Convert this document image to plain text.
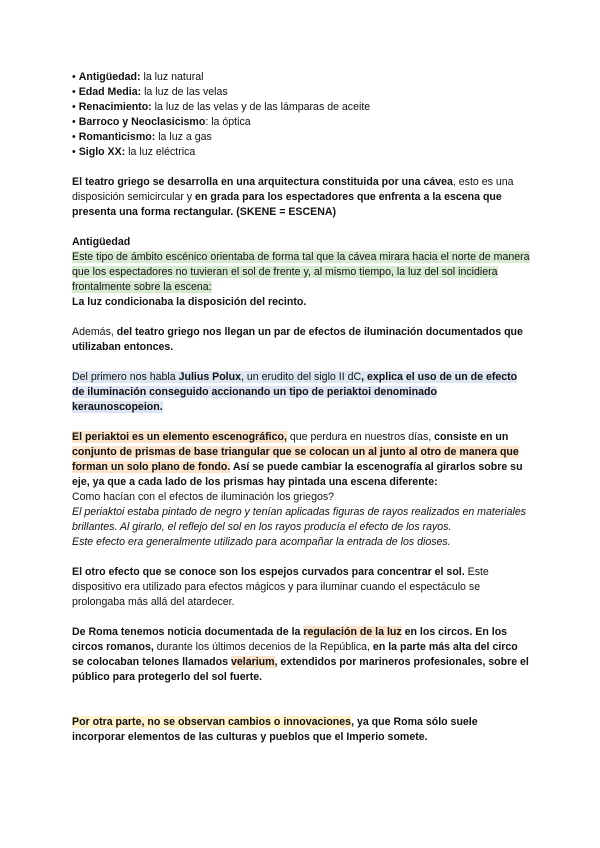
• Antigüedad: la luz natural
• Edad Media: la luz de las velas
• Renacimiento: la luz de las velas y de las lámparas de aceite
• Barroco y Neoclasicismo: la óptica
• Romanticismo: la luz a gas
• Siglo XX: la luz eléctrica

El teatro griego se desarrolla en una arquitectura constituida por una cávea, esto es una disposición semicircular y en grada para los espectadores que enfrenta a la escena que presenta una forma rectangular. (SKENE = ESCENA)

Antigüedad

Este tipo de ámbito escénico orientaba de forma tal que la cávea mirara hacia el norte de manera que los espectadores no tuvieran el sol de frente y, al mismo tiempo, la luz del sol incidiera frontalmente sobre la escena:

La luz condicionaba la disposición del recinto.

Además, del teatro griego nos llegan un par de efectos de iluminación documentados que utilizaban entonces.

Del primero nos habla Julius Polux, un erudito del siglo II dC, explica el uso de un de efecto de iluminación conseguido accionando un tipo de periaktoi denominado keraunoscopeion.

El periaktoi es un elemento escenográfico, que perdura en nuestros días, consiste en un conjunto de prismas de base triangular que se colocan un al junto al otro de manera que forman un solo plano de fondo. Así se puede cambiar la escenografía al girarlos sobre su eje, ya que a cada lado de los prismas hay pintada una escena diferente:

Como hacían con el efectos de iluminación los griegos?

El periaktoi estaba pintado de negro y tenían aplicadas figuras de rayos realizados en materiales brillantes. Al girarlo, el reflejo del sol en los rayos producía el efecto de los rayos.

Este efecto era generalmente utilizado para acompañar la entrada de los dioses.

El otro efecto que se conoce son los espejos curvados para concentrar el sol. Este dispositivo era utilizado para efectos mágicos y para iluminar cuando el espectáculo se prolongaba más allá del atardecer.

De Roma tenemos noticia documentada de la regulación de la luz en los circos. En los circos romanos, durante los últimos decenios de la República, en la parte más alta del circo se colocaban telones llamados velarium, extendidos por marineros profesionales, sobre el público para protegerlo del sol fuerte.

Por otra parte, no se observan cambios o innovaciones, ya que Roma sólo suele incorporar elementos de las culturas y pueblos que el Imperio somete.
